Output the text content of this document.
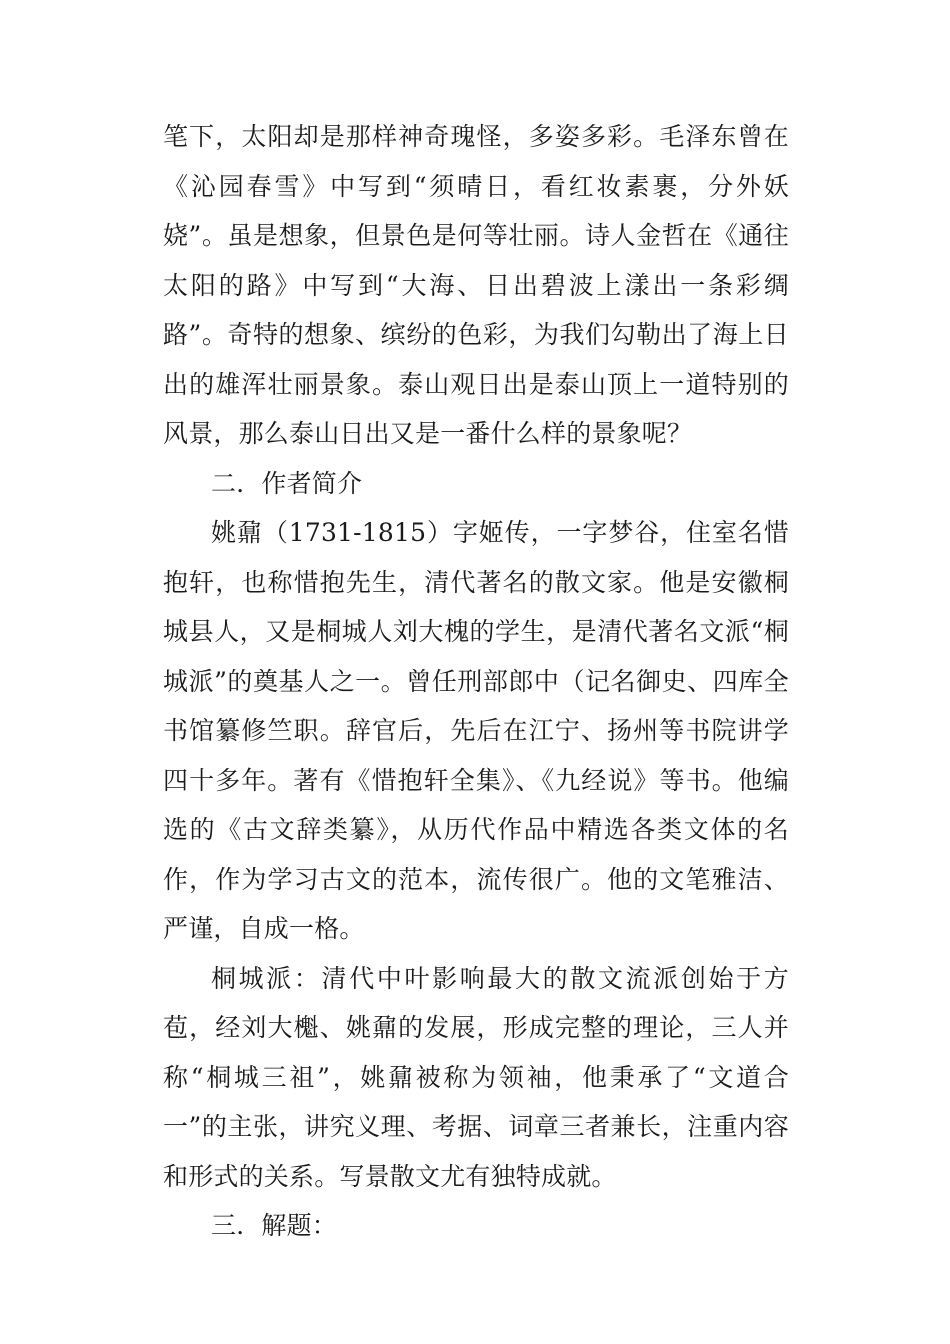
笔下，太阳却是那样神奇瑰怪，多姿多彩。毛泽东曾在《沁园春雪》中写到“须晴日，看红妆素裹，分外妖娆”。虽是想象，但景色是何等壮丽。诗人金哲在《通往太阳的路》中写到“大海、日出碧波上漾出一条彩绸路”。奇特的想象、缤纷的色彩，为我们勾勒出了海上日出的雄浑壮丽景象。泰山观日出是泰山顶上一道特别的风景，那么泰山日出又是一番什么样的景象呢？

二．作者简介

姚鼐（1731-1815）字姬传，一字梦谷，住室名惜抱轩，也称惜抱先生，清代著名的散文家。他是安徽桐城县人，又是桐城人刘大槐的学生，是清代著名文派“桐城派”的奠基人之一。曾任刑部郎中（记名御史、四库全书馆纂修竺职。辞官后，先后在江宁、扬州等书院讲学四十多年。著有《惜抱轩全集》、《九经说》等书。他编选的《古文辞类纂》，从历代作品中精选各类文体的名作，作为学习古文的范本，流传很广。他的文笔雅洁、严谨，自成一格。

桐城派：清代中叶影响最大的散文流派创始于方苞，经刘大櫆、姚鼐的发展，形成完整的理论，三人并称“桐城三祖”，姚鼐被称为领袖，他秉承了“文道合一”的主张，讲究义理、考据、词章三者兼长，注重内容和形式的关系。写景散文尤有独特成就。

三．解题：
